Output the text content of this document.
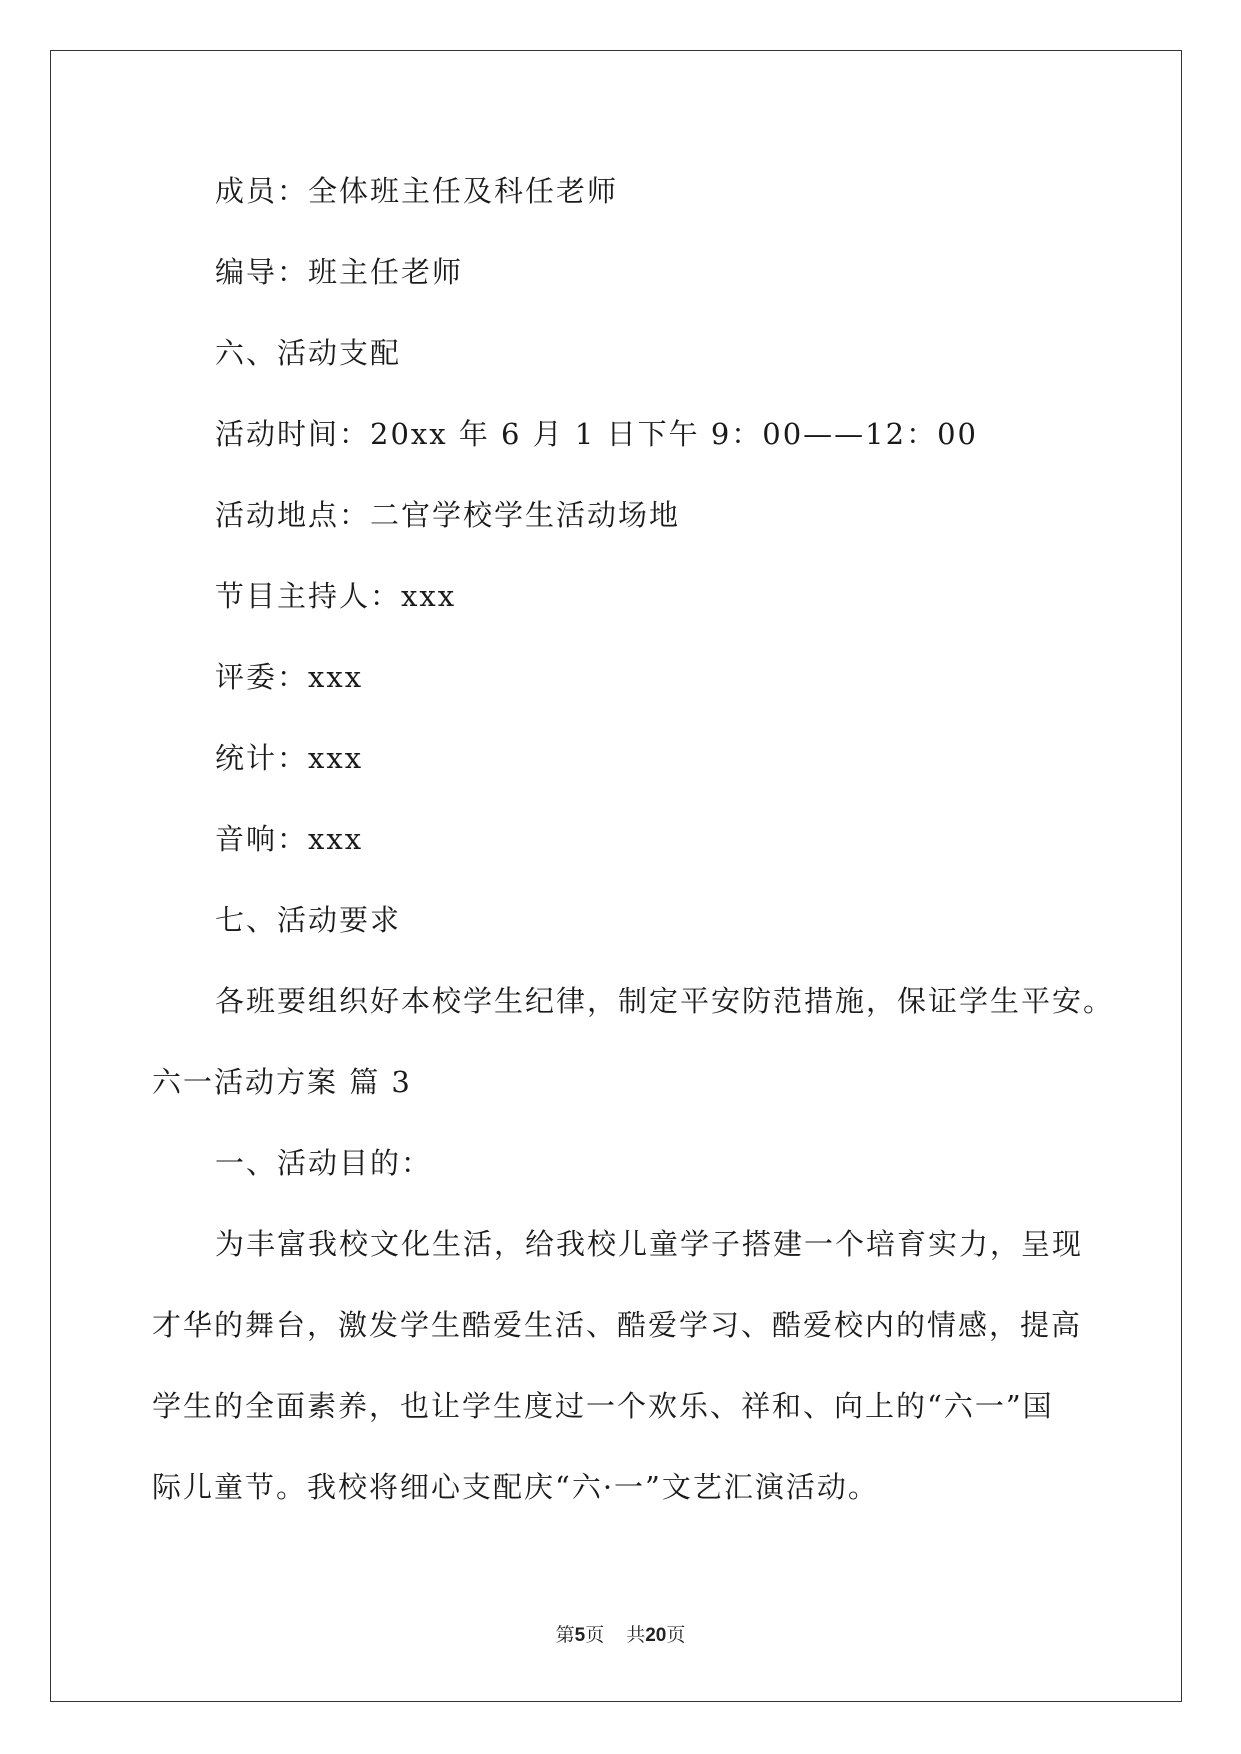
成员：全体班主任及科任老师
编导：班主任老师
六、活动支配
活动时间：20xx 年 6 月 1 日下午 9：00——12：00
活动地点：二官学校学生活动场地
节目主持人：xxx
评委：xxx
统计：xxx
音响：xxx
七、活动要求
各班要组织好本校学生纪律，制定平安防范措施，保证学生平安。
六一活动方案 篇 3
一、活动目的：
为丰富我校文化生活，给我校儿童学子搭建一个培育实力，呈现
才华的舞台，激发学生酷爱生活、酷爱学习、酷爱校内的情感，提高
学生的全面素养，也让学生度过一个欢乐、祥和、向上的“六一”国
际儿童节。我校将细心支配庆“六·一”文艺汇演活动。
第5页 共20页
